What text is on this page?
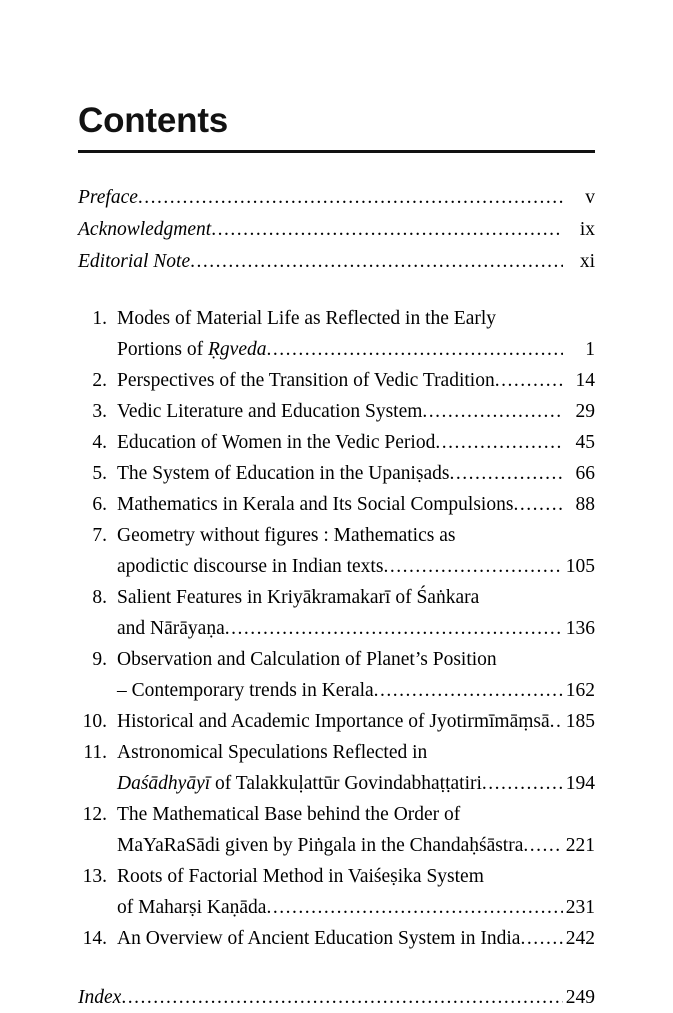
Contents
Preface .....	v
Acknowledgment .....	ix
Editorial Note .....	xi
1. Modes of Material Life as Reflected in the Early
Portions of Ṛgveda .....	1
2. Perspectives of the Transition of Vedic Tradition .....	14
3. Vedic Literature and Education System .....	29
4. Education of Women in the Vedic Period .....	45
5. The System of Education in the Upaniṣads .....	66
6. Mathematics in Kerala and Its Social Compulsions .....	88
7. Geometry without figures : Mathematics as
apodictic discourse in Indian texts .....	105
8. Salient Features in Kriyākramakarī of Śaṅkara
and Nārāyaṇa .....	136
9. Observation and Calculation of Planet’s Position
– Contemporary trends in Kerala .....	162
10. Historical and Academic Importance of Jyotirmīmāṃsā ..... 185
11. Astronomical Speculations Reflected in
Daśādhyāyī of Talakkuḷattūr Govindabhaṭṭatiri .....	194
12. The Mathematical Base behind the Order of
MaYaRaSādi given by Piṅgala in the Chandaḥśāstra ..... 221
13. Roots of Factorial Method in Vaiśeṣika System
of Maharṣi Kaṇāda .....	231
14. An Overview of Ancient Education System in India ..... 242
Index .....	249
